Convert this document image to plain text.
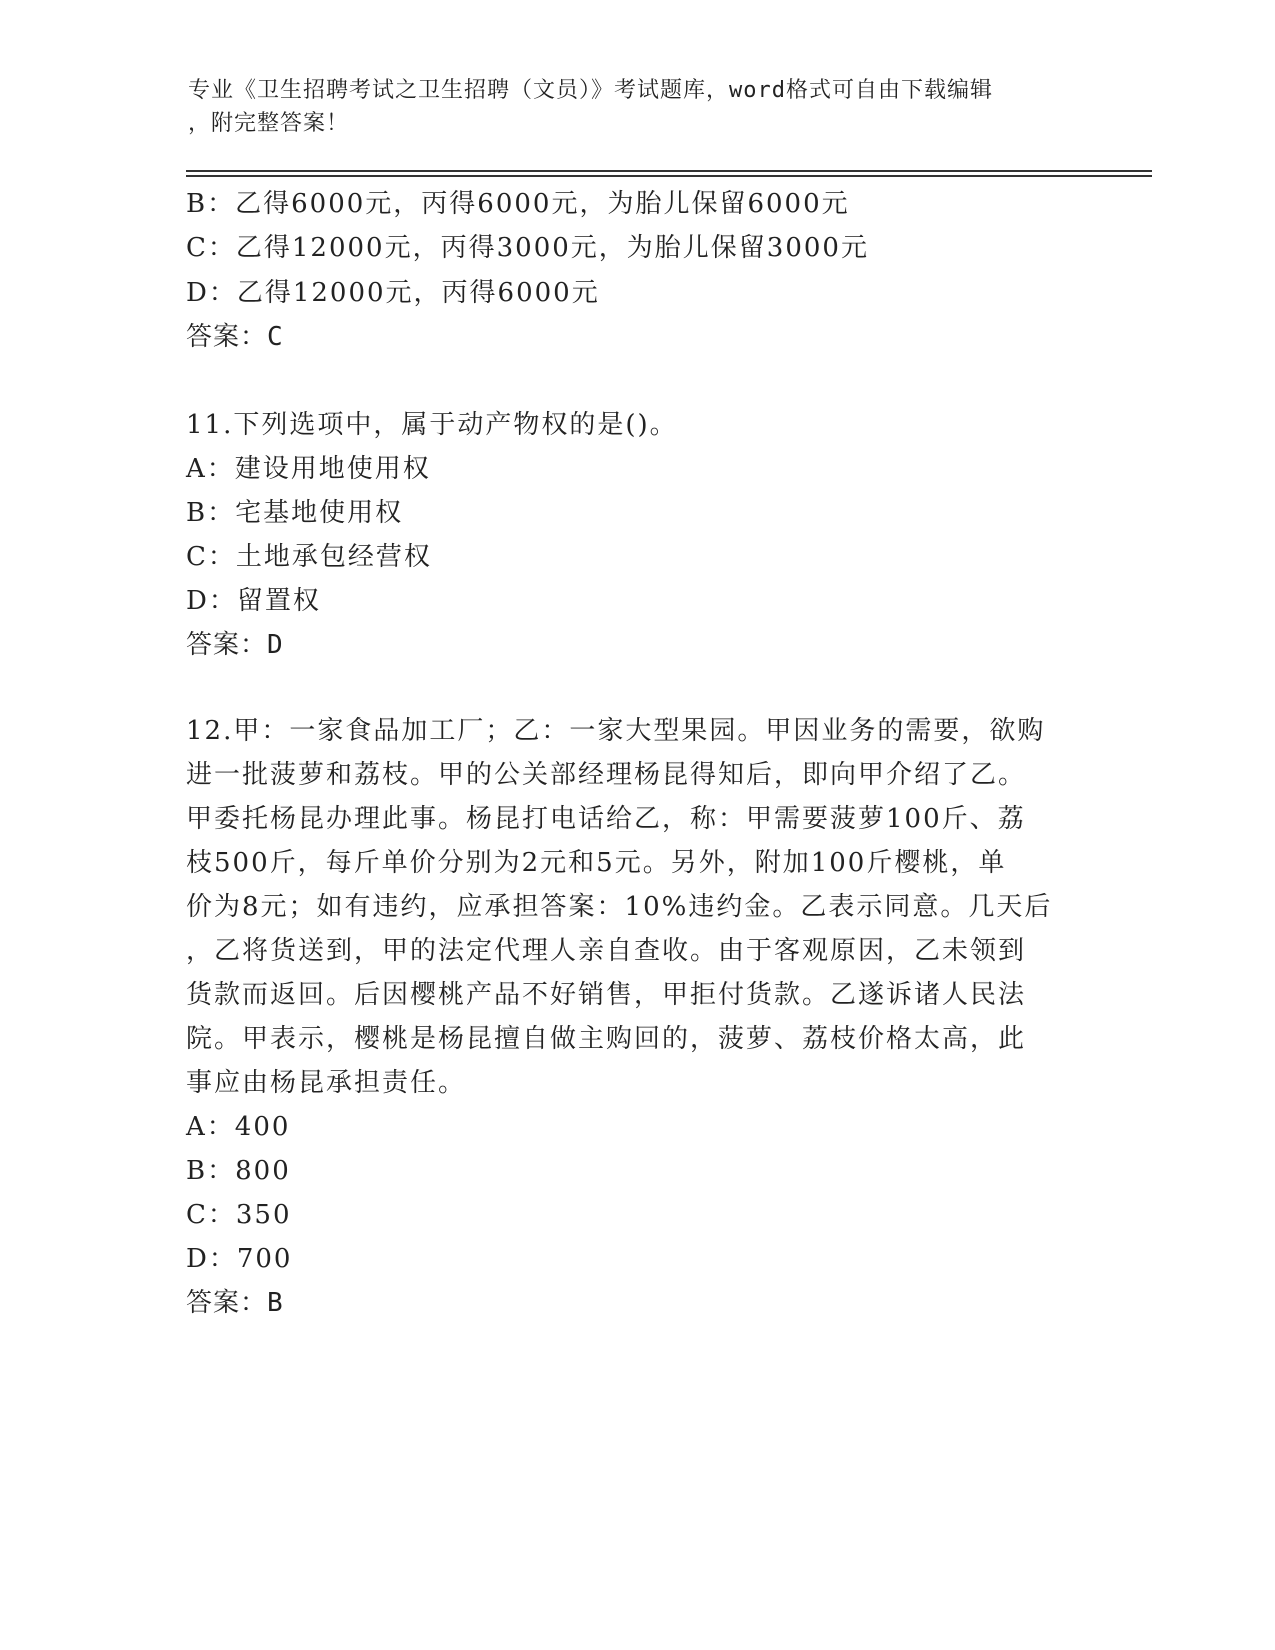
专业《卫生招聘考试之卫生招聘（文员）》考试题库，word格式可自由下载编辑
，附完整答案！
B：乙得6000元，丙得6000元，为胎儿保留6000元
C：乙得12000元，丙得3000元，为胎儿保留3000元
D：乙得12000元，丙得6000元
答案：C
11.下列选项中，属于动产物权的是()。
A：建设用地使用权
B：宅基地使用权
C：土地承包经营权
D：留置权
答案：D
12.甲：一家食品加工厂；乙：一家大型果园。甲因业务的需要，欲购
进一批菠萝和荔枝。甲的公关部经理杨昆得知后，即向甲介绍了乙。
甲委托杨昆办理此事。杨昆打电话给乙，称：甲需要菠萝100斤、荔
枝500斤，每斤单价分别为2元和5元。另外，附加100斤樱桃，单
价为8元；如有违约，应承担答案：10%违约金。乙表示同意。几天后
，乙将货送到，甲的法定代理人亲自查收。由于客观原因，乙未领到
货款而返回。后因樱桃产品不好销售，甲拒付货款。乙遂诉诸人民法
院。甲表示，樱桃是杨昆擅自做主购回的，菠萝、荔枝价格太高，此
事应由杨昆承担责任。
A：400
B：800
C：350
D：700
答案：B
